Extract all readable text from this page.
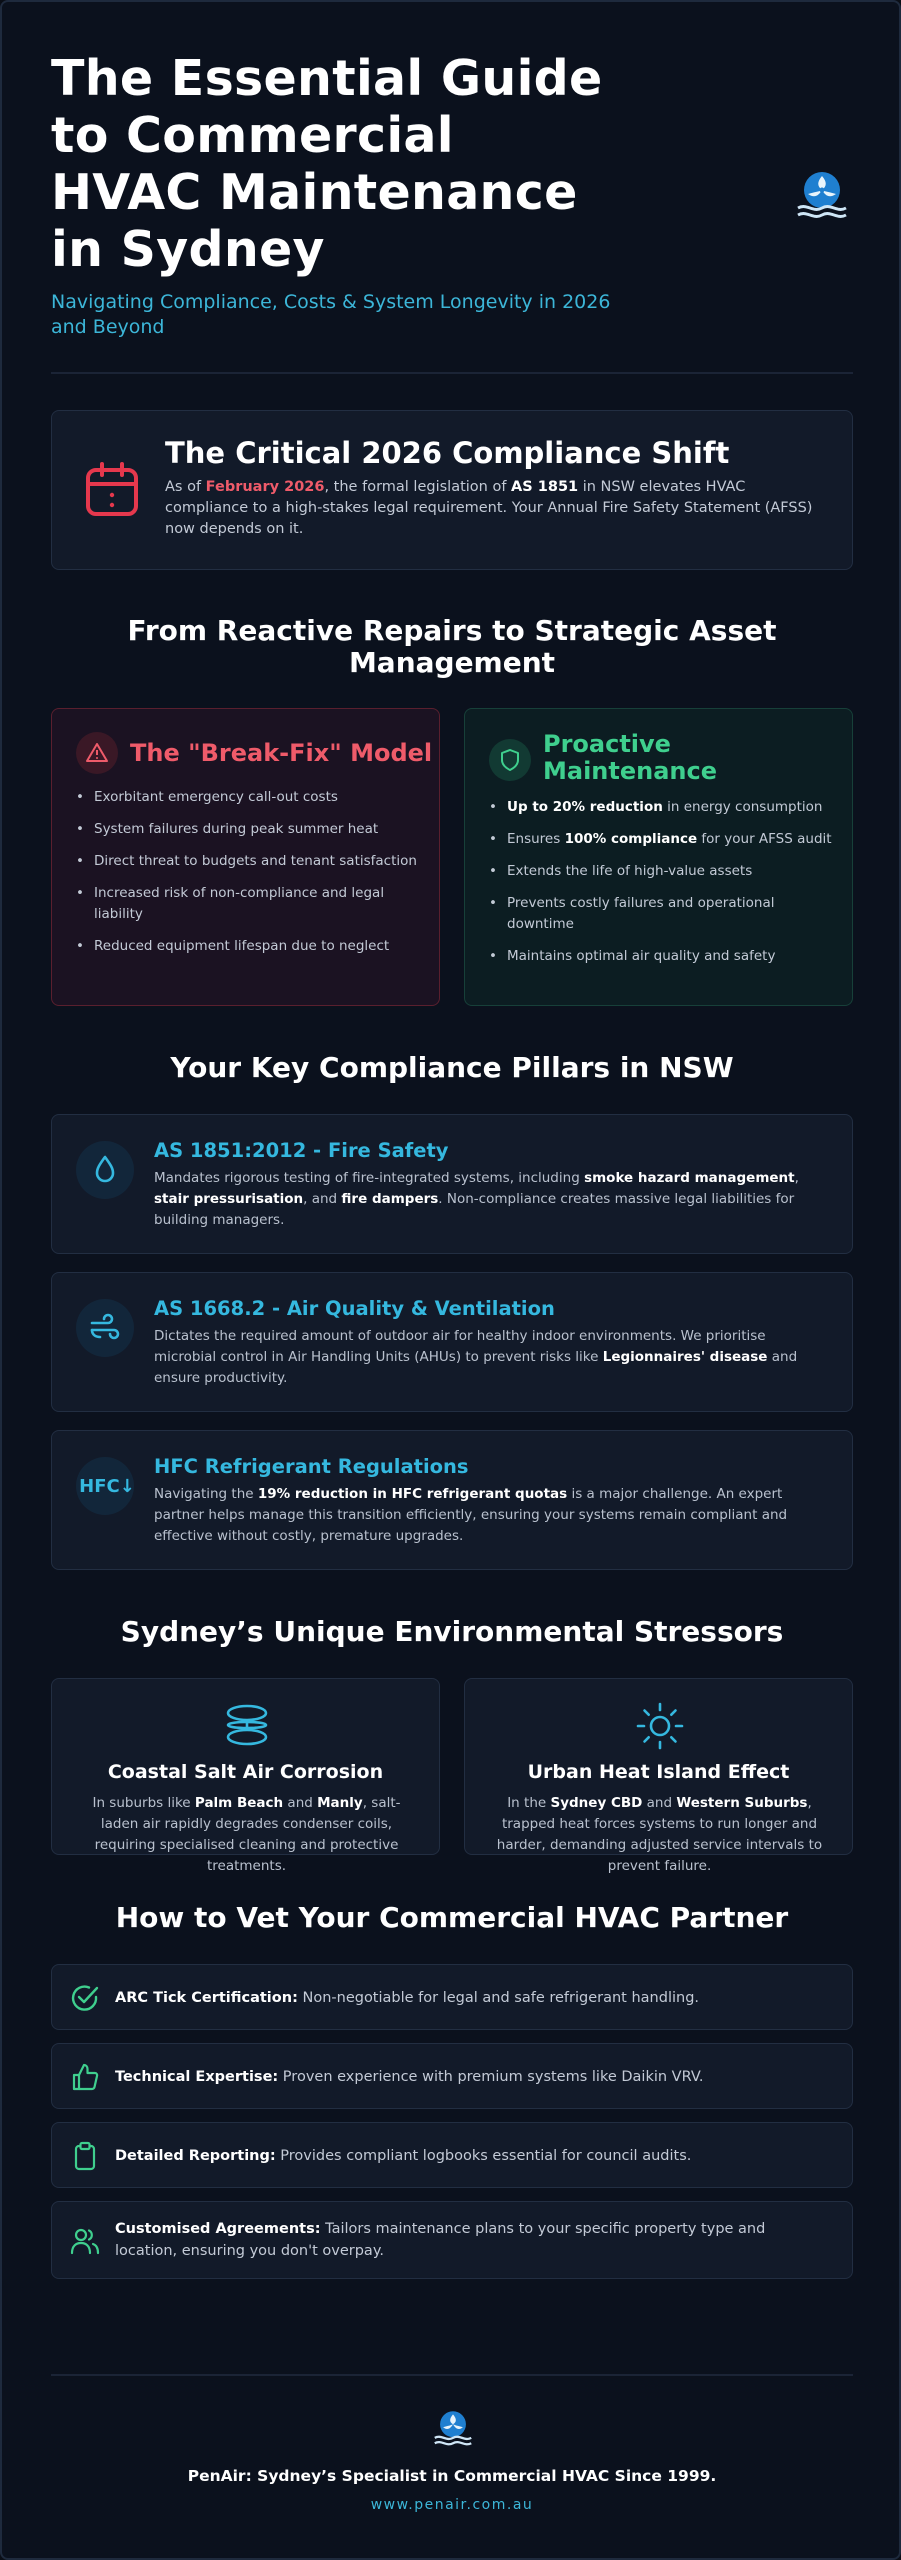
The Essential Guide to Commercial HVAC Maintenance in Sydney
Navigating Compliance, Costs & System Longevity in 2026 and Beyond
The Critical 2026 Compliance Shift
As of February 2026, the formal legislation of AS 1851 in NSW elevates HVAC compliance to a high-stakes legal requirement. Your Annual Fire Safety Statement (AFSS) now depends on it.
From Reactive Repairs to Strategic Asset Management
The "Break-Fix" Model
• Exorbitant emergency call-out costs
• System failures during peak summer heat
• Direct threat to budgets and tenant satisfaction
• Increased risk of non-compliance and legal liability
• Reduced equipment lifespan due to neglect
Proactive Maintenance
• Up to 20% reduction in energy consumption
• Ensures 100% compliance for your AFSS audit
• Extends the life of high-value assets
• Prevents costly failures and operational downtime
• Maintains optimal air quality and safety
Your Key Compliance Pillars in NSW
AS 1851:2012 - Fire Safety
Mandates rigorous testing of fire-integrated systems, including smoke hazard management, stair pressurisation, and fire dampers. Non-compliance creates massive legal liabilities for building managers.
AS 1668.2 - Air Quality & Ventilation
Dictates the required amount of outdoor air for healthy indoor environments. We prioritise microbial control in Air Handling Units (AHUs) to prevent risks like Legionnaires' disease and ensure productivity.
HFC↓
HFC Refrigerant Regulations
Navigating the 19% reduction in HFC refrigerant quotas is a major challenge. An expert partner helps manage this transition efficiently, ensuring your systems remain compliant and effective without costly, premature upgrades.
Sydney’s Unique Environmental Stressors
Coastal Salt Air Corrosion
In suburbs like Palm Beach and Manly, salt-laden air rapidly degrades condenser coils, requiring specialised cleaning and protective treatments.
Urban Heat Island Effect
In the Sydney CBD and Western Suburbs, trapped heat forces systems to run longer and harder, demanding adjusted service intervals to prevent failure.
How to Vet Your Commercial HVAC Partner
ARC Tick Certification: Non-negotiable for legal and safe refrigerant handling.
Technical Expertise: Proven experience with premium systems like Daikin VRV.
Detailed Reporting: Provides compliant logbooks essential for council audits.
Customised Agreements: Tailors maintenance plans to your specific property type and location, ensuring you don't overpay.
PenAir: Sydney’s Specialist in Commercial HVAC Since 1999.
www.penair.com.au
